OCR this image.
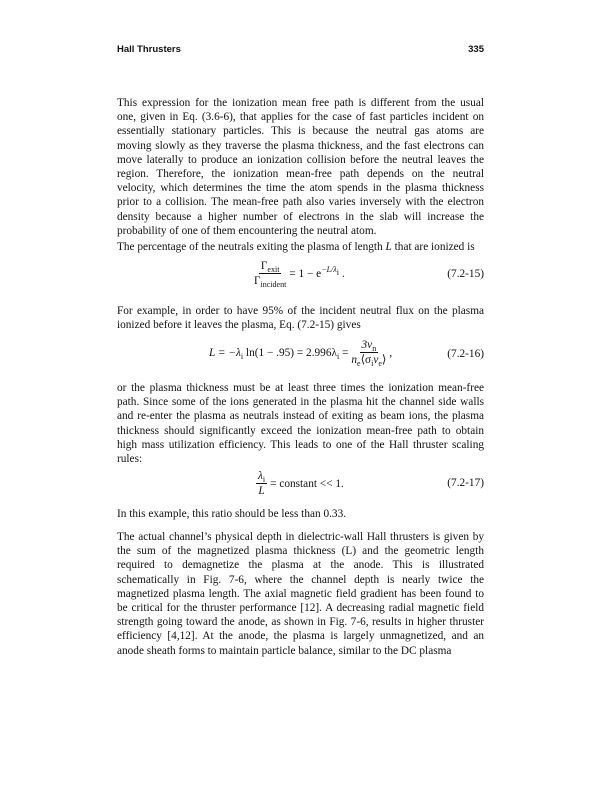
Hall Thrusters	335
This expression for the ionization mean free path is different from the usual
one, given in Eq. (3.6-6), that applies for the case of fast particles incident on
essentially stationary particles. This is because the neutral gas atoms are
moving slowly as they traverse the plasma thickness, and the fast electrons can
move laterally to produce an ionization collision before the neutral leaves the
region. Therefore, the ionization mean-free path depends on the neutral
velocity, which determines the time the atom spends in the plasma thickness
prior to a collision. The mean-free path also varies inversely with the electron
density because a higher number of electrons in the slab will increase the
probability of one of them encountering the neutral atom.
The percentage of the neutrals exiting the plasma of length L that are ionized is
$\frac{\Gamma_{exit}}{\Gamma_{incident}} = 1 - e^{-L/\lambda_i}$ .	(7.2-15)
For example, in order to have 95% of the incident neutral flux on the plasma
ionized before it leaves the plasma, Eq. (7.2-15) gives
$L = -\lambda_i$ $\ln(1 - .95) = 2.996\lambda_i = \frac{3v_n}{n_e⟨\sigma_iv_e⟩}$ ,	(7.2-16)
or the plasma thickness must be at least three times the ionization mean-free
path. Since some of the ions generated in the plasma hit the channel side walls
and re-enter the plasma as neutrals instead of exiting as beam ions, the plasma
thickness should significantly exceed the ionization mean-free path to obtain
high mass utilization efficiency. This leads to one of the Hall thruster scaling
rules:
$\frac{\lambda_i}{L}$ = constant << 1.	(7.2-17)
In this example, this ratio should be less than 0.33.
The actual channel’s physical depth in dielectric-wall Hall thrusters is given by
the sum of the magnetized plasma thickness (L) and the geometric length
required to demagnetize the plasma at the anode. This is illustrated
schematically in Fig. 7-6, where the channel depth is nearly twice the
magnetized plasma length. The axial magnetic field gradient has been found to
be critical for the thruster performance [12]. A decreasing radial magnetic field
strength going toward the anode, as shown in Fig. 7-6, results in higher thruster
efficiency [4,12]. At the anode, the plasma is largely unmagnetized, and an
anode sheath forms to maintain particle balance, similar to the DC plasma
